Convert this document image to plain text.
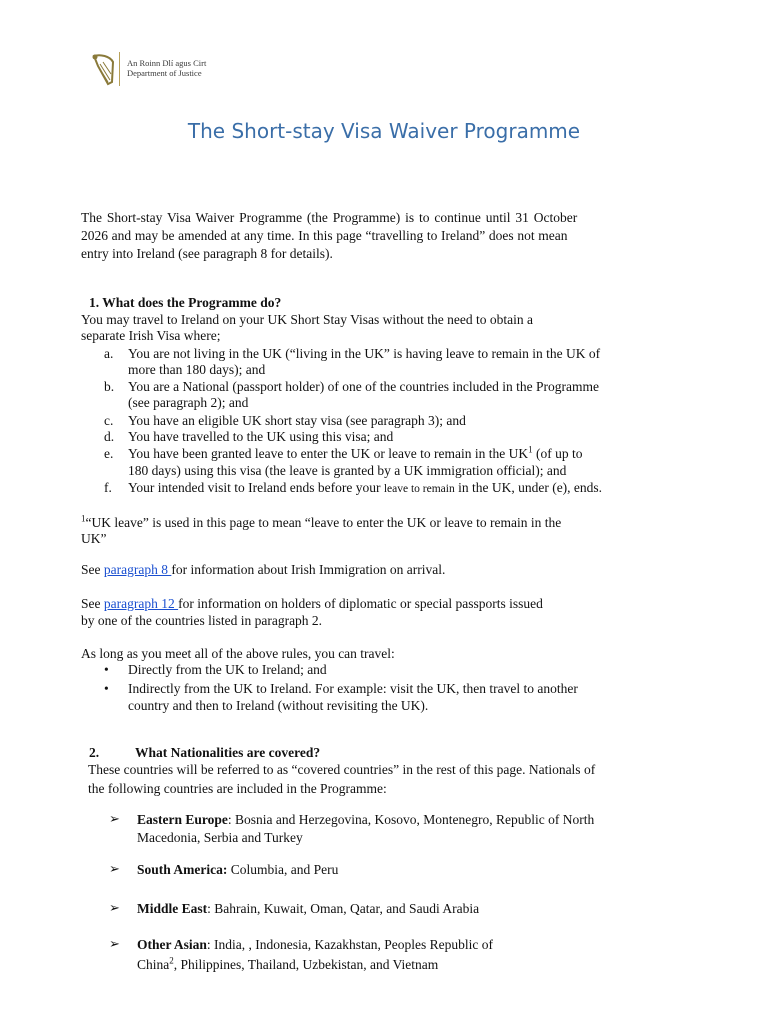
An Roinn Dlí agus Cirt
Department of Justice
The Short-stay Visa Waiver Programme
The Short-stay Visa Waiver Programme (the Programme) is to continue until 31 October
2026 and may be amended at any time. In this page “travelling to Ireland” does not mean
entry into Ireland (see paragraph 8 for details).
1. What does the Programme do?
You may travel to Ireland on your UK Short Stay Visas without the need to obtain a
separate Irish Visa where;
a. You are not living in the UK (“living in the UK” is having leave to remain in the UK of
more than 180 days); and
b. You are a National (passport holder) of one of the countries included in the Programme
(see paragraph 2); and
c. You have an eligible UK short stay visa (see paragraph 3); and
d. You have travelled to the UK using this visa; and
e. You have been granted leave to enter the UK or leave to remain in the $UK^1$ (of up to
180 days) using this visa (the leave is granted by a UK immigration official); and
f. Your intended visit to Ireland ends before your leave to remain in the UK, under (e), ends.
$^1$“UK leave” is used in this page to mean “leave to enter the UK or leave to remain in the
UK”
See paragraph 8 for information about Irish Immigration on arrival.
See paragraph 12 for information on holders of diplomatic or special passports issued
by one of the countries listed in paragraph 2.
As long as you meet all of the above rules, you can travel:
• Directly from the UK to Ireland; and
• Indirectly from the UK to Ireland. For example: visit the UK, then travel to another
country and then to Ireland (without revisiting the UK).
2.	What Nationalities are covered?
These countries will be referred to as “covered countries” in the rest of this page. Nationals of
the following countries are included in the Programme:
➢ Eastern Europe: Bosnia and Herzegovina, Kosovo, Montenegro, Republic of North
Macedonia, Serbia and Turkey
➢ South America: Columbia, and Peru
➢ Middle East: Bahrain, Kuwait, Oman, Qatar, and Saudi Arabia
➢ Other Asian: India, , Indonesia, Kazakhstan, Peoples Republic of
China$^2$, Philippines, Thailand, Uzbekistan, and Vietnam
